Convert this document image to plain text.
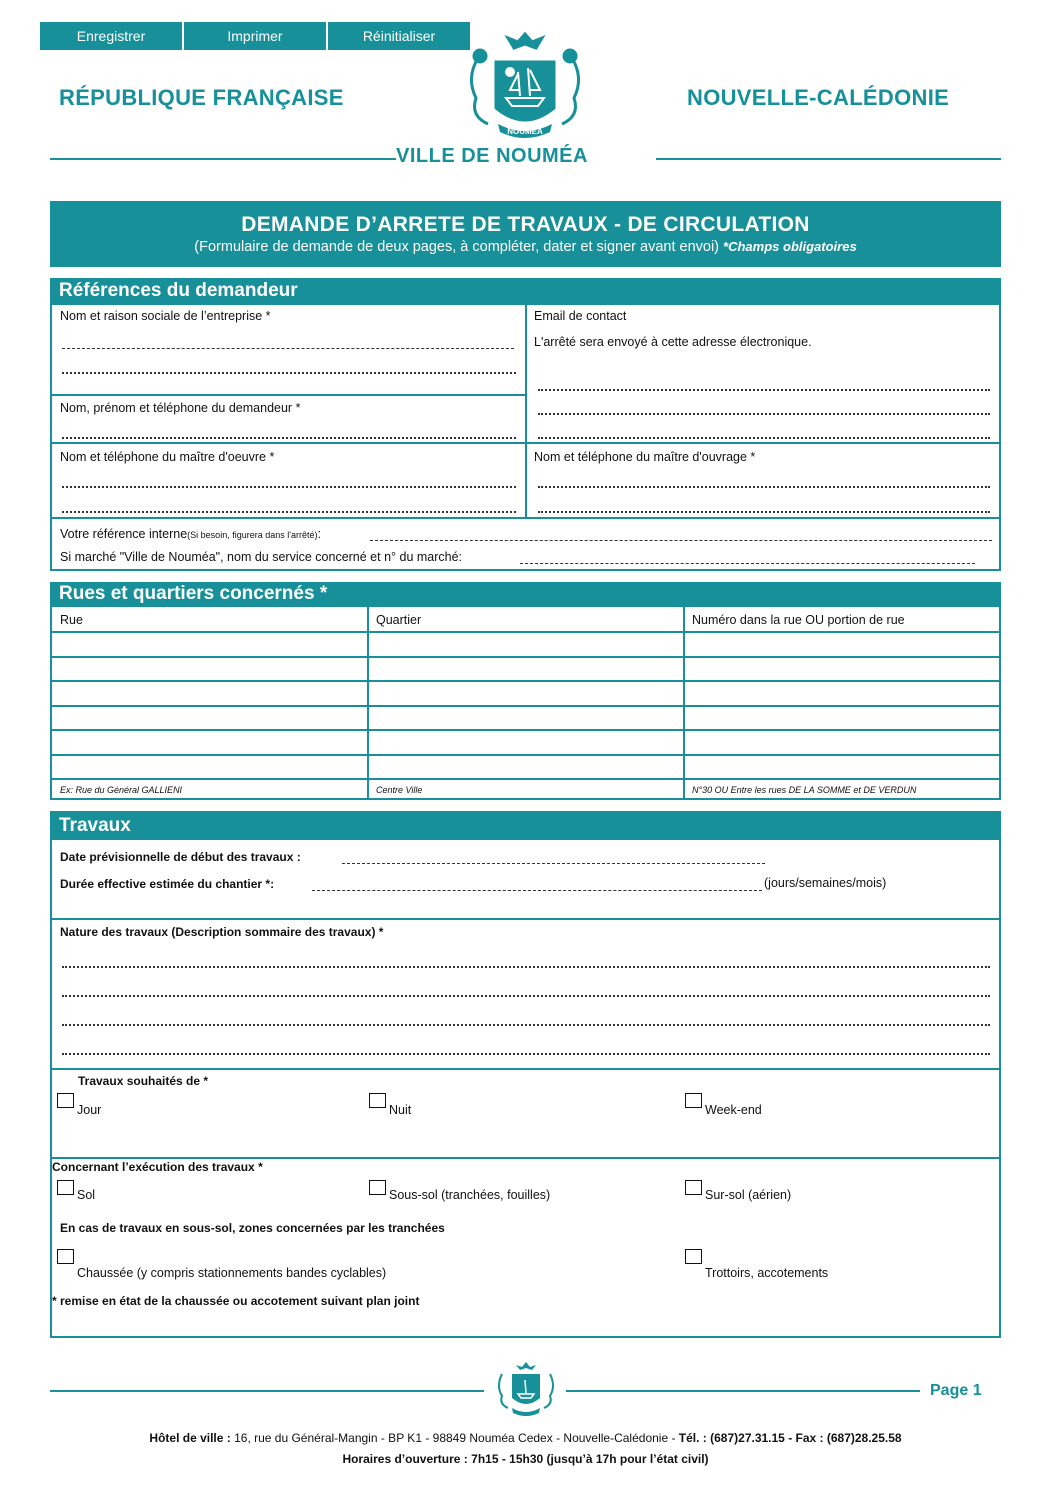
Enregistrer	Imprimer	Réinitialiser
RÉPUBLIQUE FRANÇAISE	NOUVELLE-CALÉDONIE
NOUMEA
VILLE DE NOUMÉA
DEMANDE D’ARRETE DE TRAVAUX - DE CIRCULATION
(Formulaire de demande de deux pages, à compléter, dater et signer avant envoi) *Champs obligatoires
Références du demandeur
Nom et raison sociale de l’entreprise *	Email de contact
L'arrêté sera envoyé à cette adresse électronique.
Nom, prénom et téléphone du demandeur *
Nom et téléphone du maître d'oeuvre *	Nom et téléphone du maître d'ouvrage *
Votre référence interne(Si besoin, figurera dans l'arrêté):
Si marché "Ville de Nouméa", nom du service concerné et n° du marché:
Rues et quartiers concernés *
Rue	Quartier	Numéro dans la rue OU portion de rue
Ex: Rue du Général GALLIENI	Centre Ville	N°30 OU Entre les rues DE LA SOMME et DE VERDUN
Travaux
Date prévisionnelle de début des travaux :
Durée effective estimée du chantier *:	(jours/semaines/mois)
Nature des travaux (Description sommaire des travaux) *
Travaux souhaités de *
Jour	Nuit	Week-end
Concernant l’exécution des travaux *
Sol	Sous-sol (tranchées, fouilles)	Sur-sol (aérien)
En cas de travaux en sous-sol, zones concernées par les tranchées
Chaussée (y compris stationnements bandes cyclables)	Trottoirs, accotements
* remise en état de la chaussée ou accotement suivant plan joint
Page 1
Hôtel de ville : 16, rue du Général-Mangin - BP K1 - 98849 Nouméa Cedex - Nouvelle-Calédonie - Tél. : (687)27.31.15 - Fax : (687)28.25.58
Horaires d’ouverture : 7h15 - 15h30 (jusqu’à 17h pour l’état civil)
